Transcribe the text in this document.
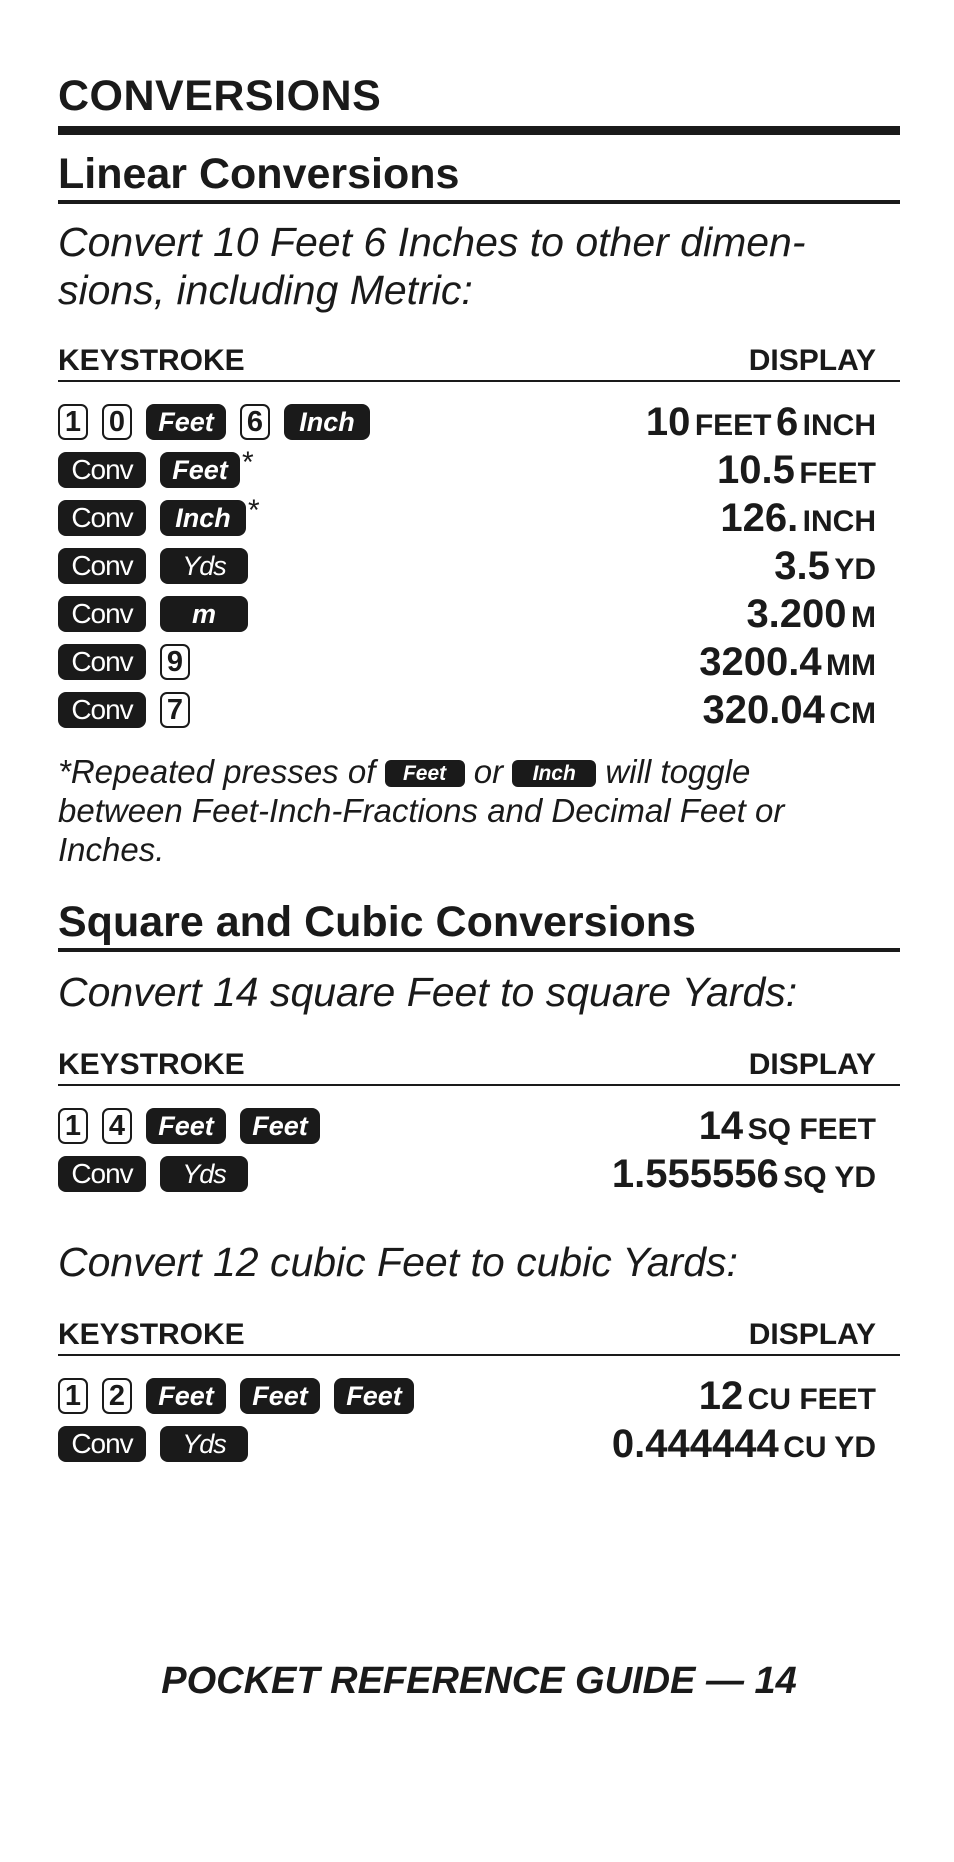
CONVERSIONS
Linear Conversions
Convert 10 Feet 6 Inches to other dimen-
sions, including Metric:
KEYSTROKE	DISPLAY
1 0	Feet	6	Inch	10 FEET 6 INCH
Conv	Feet *	10.5 FEET
Conv	Inch *	126. INCH
Conv	Yds	3.5 YD
Conv	m	3.200 M
Conv	9	3200.4 MM
Conv	7	320.04 CM
*Repeated presses of Feet or Inch will toggle
between Feet-Inch-Fractions and Decimal Feet or
Inches.
Square and Cubic Conversions
Convert 14 square Feet to square Yards:
KEYSTROKE	DISPLAY
1 4	Feet	Feet	14 SQ FEET
Conv	Yds	1.555556 SQ YD
Convert 12 cubic Feet to cubic Yards:
KEYSTROKE	DISPLAY
1 2	Feet	Feet	Feet	12 CU FEET
Conv	Yds	0.444444 CU YD
POCKET REFERENCE GUIDE — 14
